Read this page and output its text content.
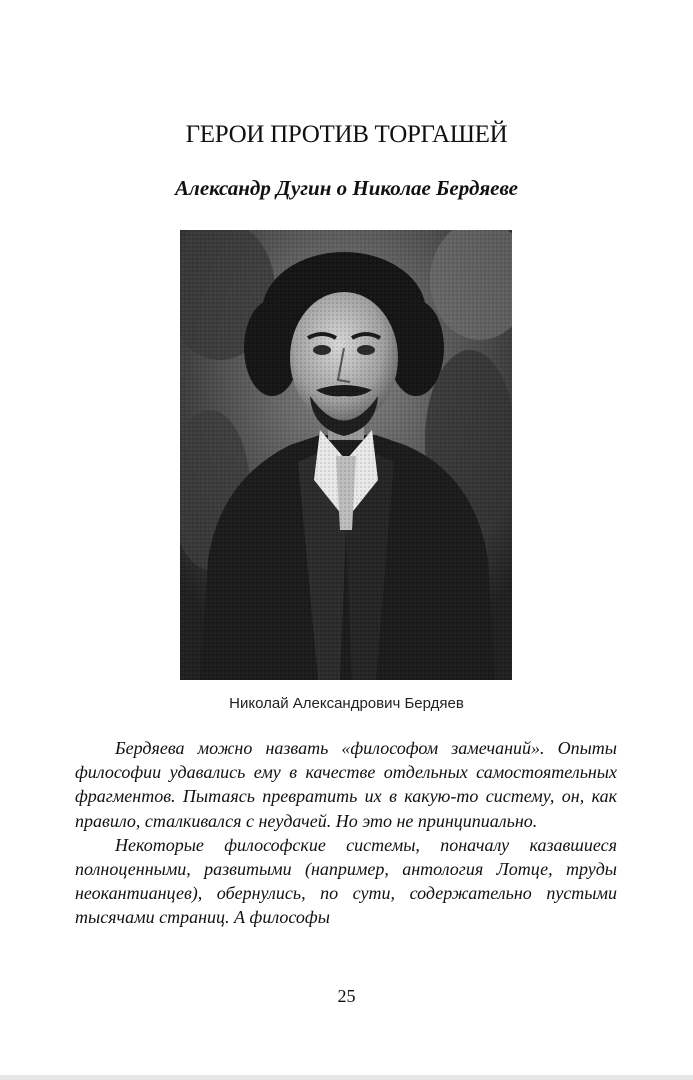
ГЕРОИ ПРОТИВ ТОРГАШЕЙ
Александр Дугин о Николае Бердяеве
Николай Александрович Бердяев

Бердяева можно назвать «философом замечаний». Опыты философии удавались ему в качестве отдельных самостоятельных фрагментов. Пытаясь превратить их в какую-то систему, он, как правило, сталкивался с неудачей. Но это не принципиально.

Некоторые философские системы, поначалу казавшиеся полноценными, развитыми (например, антология Лотце, труды неокантианцев), обернулись, по сути, содержательно пустыми тысячами страниц. А философы

25
